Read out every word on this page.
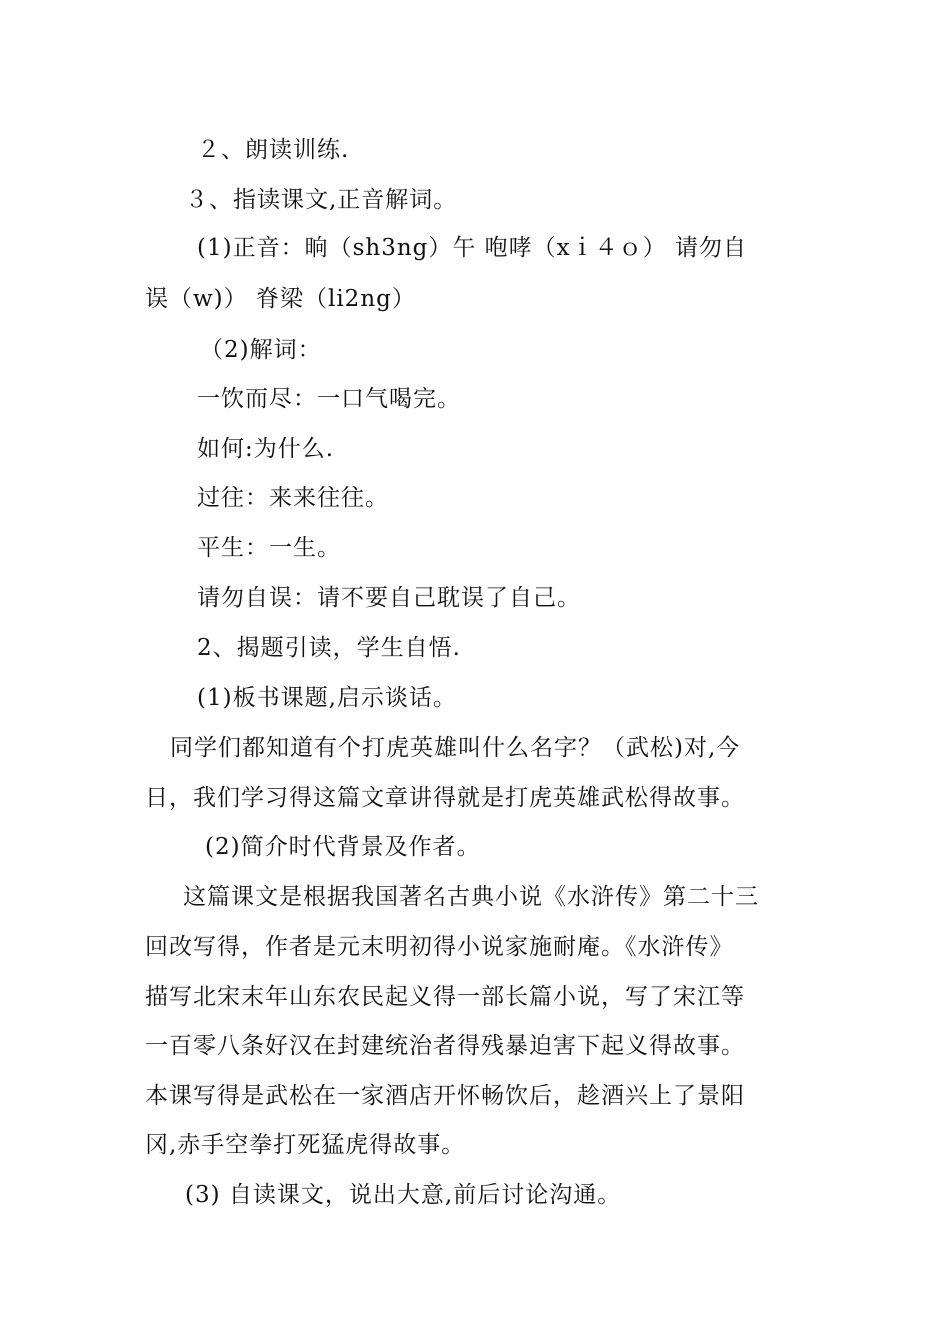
２、朗读训练.
３、指读课文,正音解词。
(1)正音：晌（sh3ng）午 咆哮（xｉ４ｏ） 请勿自
误（w)） 脊梁（li2ng）
（2)解词：
一饮而尽：一口气喝完。
如何:为什么.
过往：来来往往。
平生：一生。
请勿自误：请不要自己耽误了自己。
2、揭题引读，学生自悟.
(1)板书课题,启示谈话。
同学们都知道有个打虎英雄叫什么名字？（武松)对,今
日，我们学习得这篇文章讲得就是打虎英雄武松得故事。
(2)简介时代背景及作者。
这篇课文是根据我国著名古典小说《水浒传》第二十三
回改写得，作者是元末明初得小说家施耐庵。《水浒传》
描写北宋末年山东农民起义得一部长篇小说，写了宋江等
一百零八条好汉在封建统治者得残暴迫害下起义得故事。
本课写得是武松在一家酒店开怀畅饮后，趁酒兴上了景阳
冈,赤手空拳打死猛虎得故事。
(3) 自读课文，说出大意,前后讨论沟通。
